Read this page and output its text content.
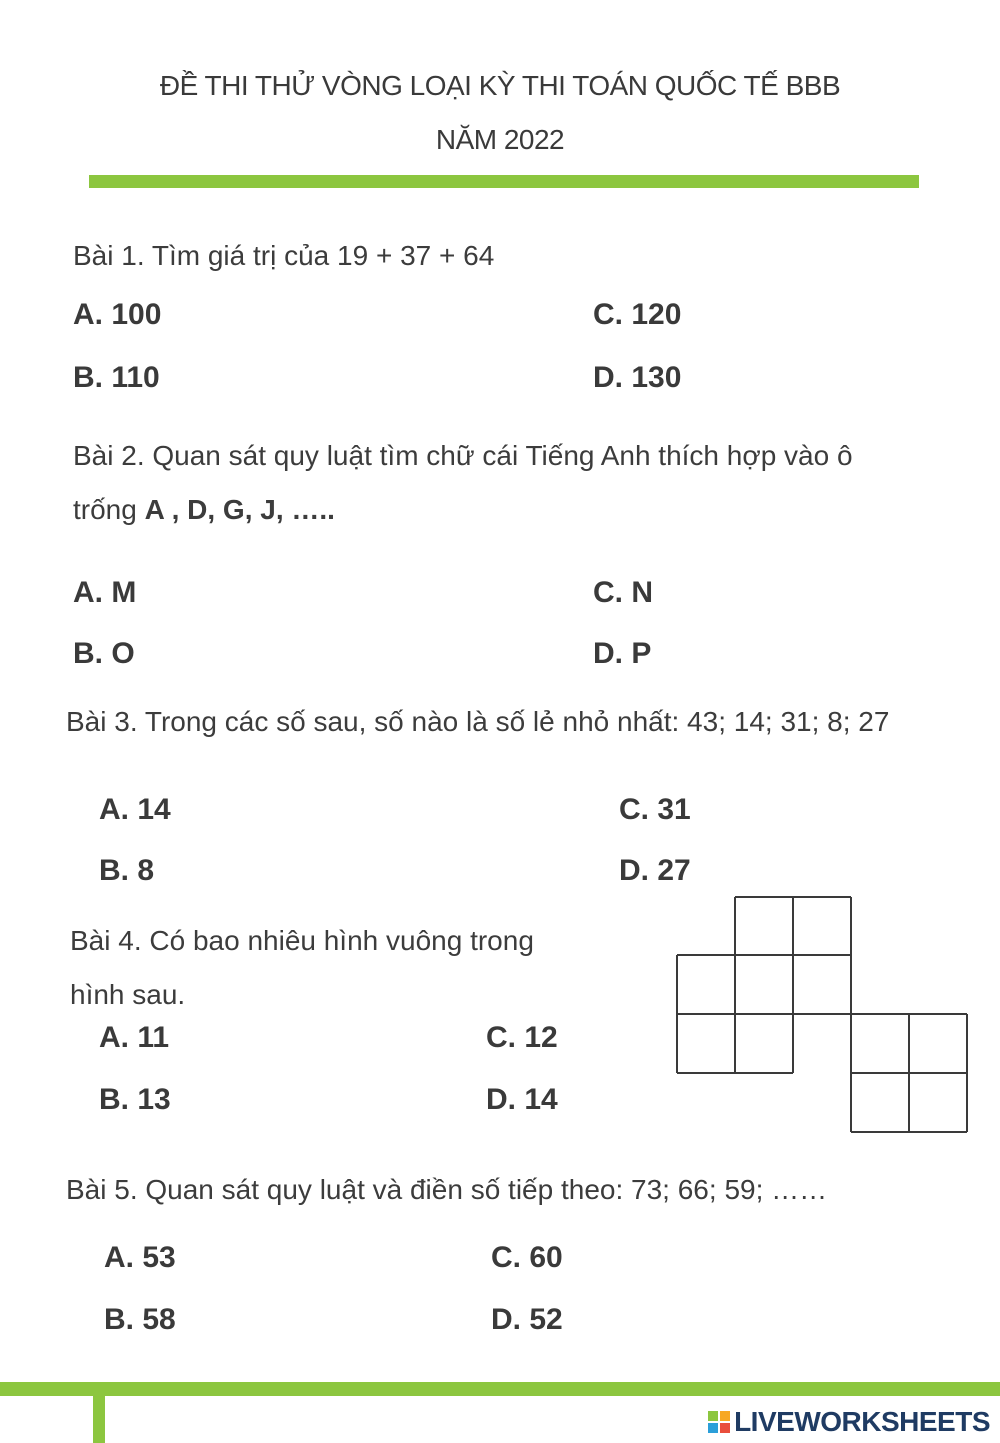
ĐỀ THI THỬ VÒNG LOẠI KỲ THI TOÁN QUỐC TẾ BBB
NĂM 2022
Bài 1. Tìm giá trị của 19 + 37 + 64
A. 100	C. 120
B. 110	D. 130
Bài 2. Quan sát quy luật tìm chữ cái Tiếng Anh thích hợp vào ô
trống A , D, G, J, …..
A. M	C. N
B. O	D. P
Bài 3. Trong các số sau, số nào là số lẻ nhỏ nhất: 43; 14; 31; 8; 27
A. 14	C. 31
B. 8	D. 27
Bài 4. Có bao nhiêu hình vuông trong
hình sau.
A. 11	C. 12
B. 13	D. 14
Bài 5. Quan sát quy luật và điền số tiếp theo: 73; 66; 59; ……
A. 53	C. 60
B. 58	D. 52
LIVEWORKSHEETS
